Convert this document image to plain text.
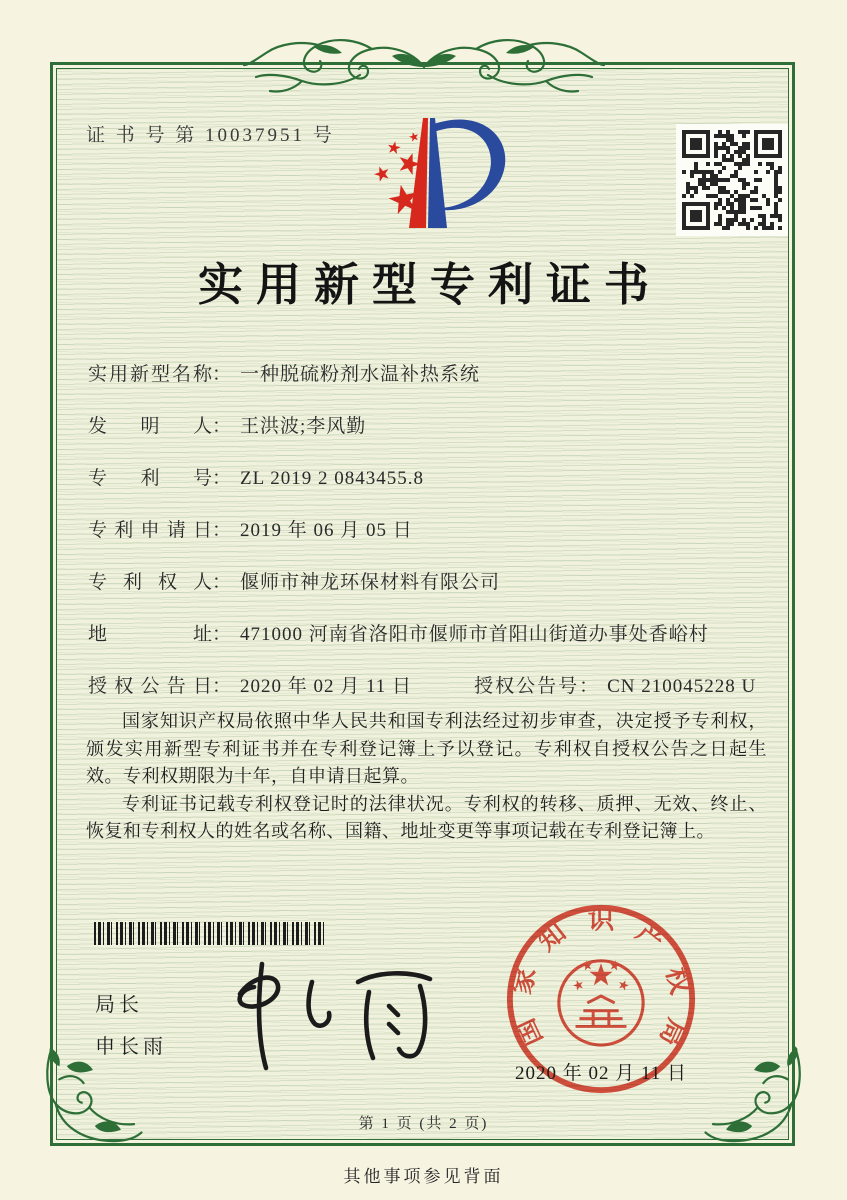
证 书 号 第 10037951 号
实用新型专利证书
实用新型名称： 一种脱硫粉剂水温补热系统
发明人： 王洪波;李风勤
专利号： ZL 2019 2 0843455.8
专利申请日： 2019 年 06 月 05 日
专利权人： 偃师市神龙环保材料有限公司
地址： 471000 河南省洛阳市偃师市首阳山街道办事处香峪村
授权公告日： 2020 年 02 月 11 日	授权公告号： CN 210045228 U

国家知识产权局依照中华人民共和国专利法经过初步审查，决定授予专利权，颁发实用新型专利证书并在专利登记簿上予以登记。专利权自授权公告之日起生效。专利权期限为十年，自申请日起算。

专利证书记载专利权登记时的法律状况。专利权的转移、质押、无效、终止、恢复和专利权人的姓名或名称、国籍、地址变更等事项记载在专利登记簿上。

局长
申长雨	国
家
知 识 产
权
局
2020 年 02 月 11 日
第 1 页 (共 2 页)
其他事项参见背面
